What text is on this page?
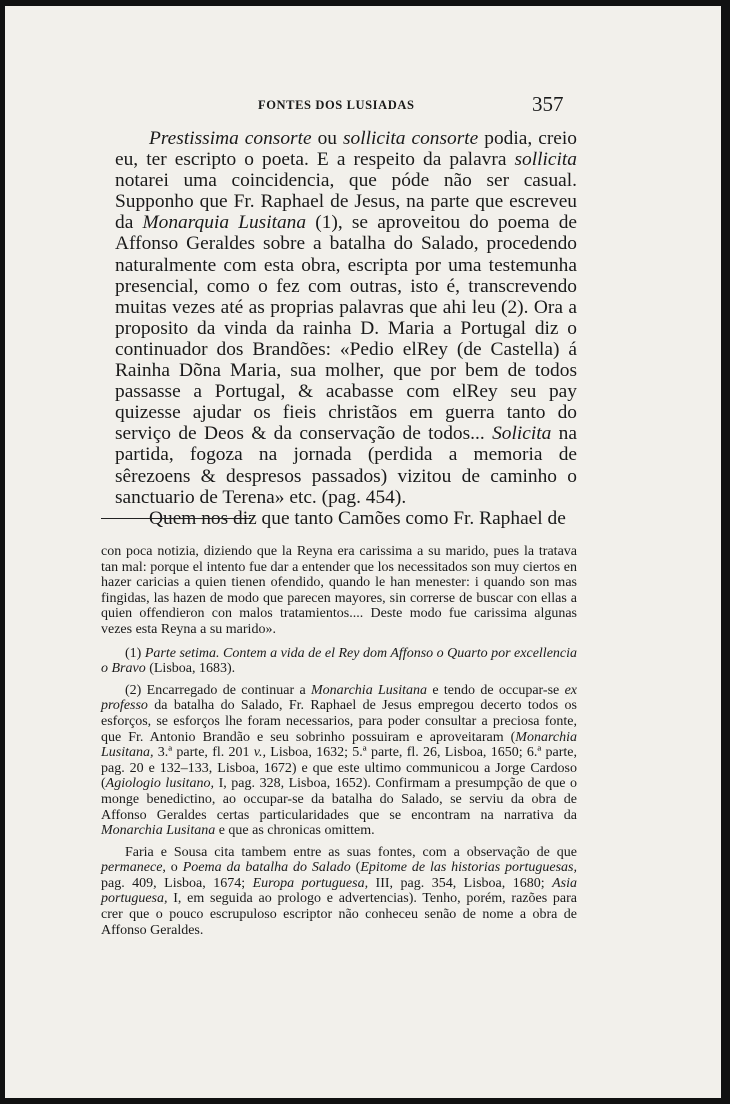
FONTES DOS LUSIADAS	357

Prestissima consorte ou sollicita consorte podia, creio eu, ter escripto o poeta. E a respeito da palavra sollicita notarei uma coincidencia, que póde não ser casual. Supponho que Fr. Raphael de Jesus, na parte que escreveu da Monarquia Lusitana (1), se aproveitou do poema de Affonso Geraldes sobre a batalha do Salado, procedendo naturalmente com esta obra, escripta por uma testemunha presencial, como o fez com outras, isto é, transcrevendo muitas vezes até as proprias palavras que ahi leu (2). Ora a proposito da vinda da rainha D. Maria a Portugal diz o continuador dos Brandões: «Pedio elRey (de Castella) á Rainha Dõna Maria, sua molher, que por bem de todos passasse a Portugal, & acabasse com elRey seu pay quizesse ajudar os fieis christãos em guerra tanto do serviço de Deos & da conservação de todos... Solicita na partida, fogoza na jornada (perdida a memoria de sêrezoens & despresos passados) vizitou de caminho o sanctuario de Terena» etc. (pag. 454).

Quem nos diz que tanto Camões como Fr. Raphael de

con poca notizia, diziendo que la Reyna era carissima a su marido, pues la tratava tan mal: porque el intento fue dar a entender que los necessitados son muy ciertos en hazer caricias a quien tienen ofendido, quando le han menester: i quando son mas fingidas, las hazen de modo que parecen mayores, sin correrse de buscar con ellas a quien offendieron con malos tratamientos.... Deste modo fue carissima algunas vezes esta Reyna a su marido».

(1) Parte setima. Contem a vida de el Rey dom Affonso o Quarto por excellencia o Bravo (Lisboa, 1683).

(2) Encarregado de continuar a Monarchia Lusitana e tendo de occupar-se ex professo da batalha do Salado, Fr. Raphael de Jesus empregou decerto todos os esforços, se esforços lhe foram necessarios, para poder consultar a preciosa fonte, que Fr. Antonio Brandão e seu sobrinho possuiram e aproveitaram (Monarchia Lusitana, 3.ª parte, fl. 201 v., Lisboa, 1632; 5.ª parte, fl. 26, Lisboa, 1650; 6.ª parte, pag. 20 e 132–133, Lisboa, 1672) e que este ultimo communicou a Jorge Cardoso (Agiologio lusitano, I, pag. 328, Lisboa, 1652). Confirmam a presumpção de que o monge benedictino, ao occupar-se da batalha do Salado, se serviu da obra de Affonso Geraldes certas particularidades que se encontram na narrativa da Monarchia Lusitana e que as chronicas omittem.

Faria e Sousa cita tambem entre as suas fontes, com a observação de que permanece, o Poema da batalha do Salado (Epitome de las historias portuguesas, pag. 409, Lisboa, 1674; Europa portuguesa, III, pag. 354, Lisboa, 1680; Asia portuguesa, I, em seguida ao prologo e advertencias). Tenho, porém, razões para crer que o pouco escrupuloso escriptor não conheceu senão de nome a obra de Affonso Geraldes.
